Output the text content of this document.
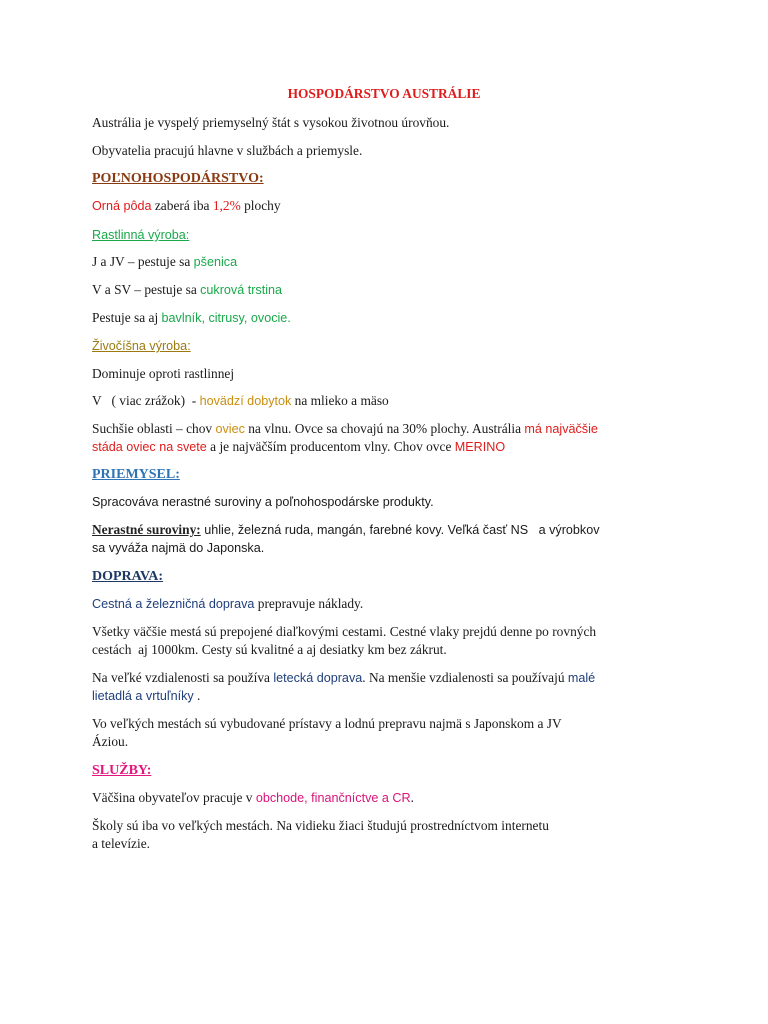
HOSPODÁRSTVO AUSTRÁLIE
Austrália je vyspelý priemyselný štát s vysokou životnou úrovňou.
Obyvatelia pracujú hlavne v službách a priemysle.
POĽNOHOSPODÁRSTVO:
Orná pôda zaberá iba 1,2% plochy
Rastlinná výroba:
J a JV – pestuje sa pšenica
V a SV – pestuje sa cukrová trstina
Pestuje sa aj bavlník, citrusy, ovocie.
Živočíšna výroba:
Dominuje oproti rastlinnej
V   ( viac zrážok)  - hovädzí dobytok na mlieko a mäso
Suchšie oblasti – chov oviec na vlnu. Ovce sa chovajú na 30% plochy. Austrália má najväčšie
stáda oviec na svete a je najväčším producentom vlny. Chov ovce MERINO
PRIEMYSEL:
Spracováva nerastné suroviny a poľnohospodárske produkty.
Nerastné suroviny: uhlie, železná ruda, mangán, farebné kovy. Veľká časť NS   a výrobkov
sa vyváža najmä do Japonska.
DOPRAVA:
Cestná a železničná doprava prepravuje náklady.
Všetky väčšie mestá sú prepojené diaľkovými cestami. Cestné vlaky prejdú denne po rovných
cestách  aj 1000km. Cesty sú kvalitné a aj desiatky km bez zákrut.
Na veľké vzdialenosti sa používa letecká doprava. Na menšie vzdialenosti sa používajú malé
lietadlá a vrtuľníky .
Vo veľkých mestách sú vybudované prístavy a lodnú prepravu najmä s Japonskom a JV
Áziou.
SLUŽBY:
Väčšina obyvateľov pracuje v obchode, finančníctve a CR.
Školy sú iba vo veľkých mestách. Na vidieku žiaci študujú prostredníctvom internetu
a televízie.
